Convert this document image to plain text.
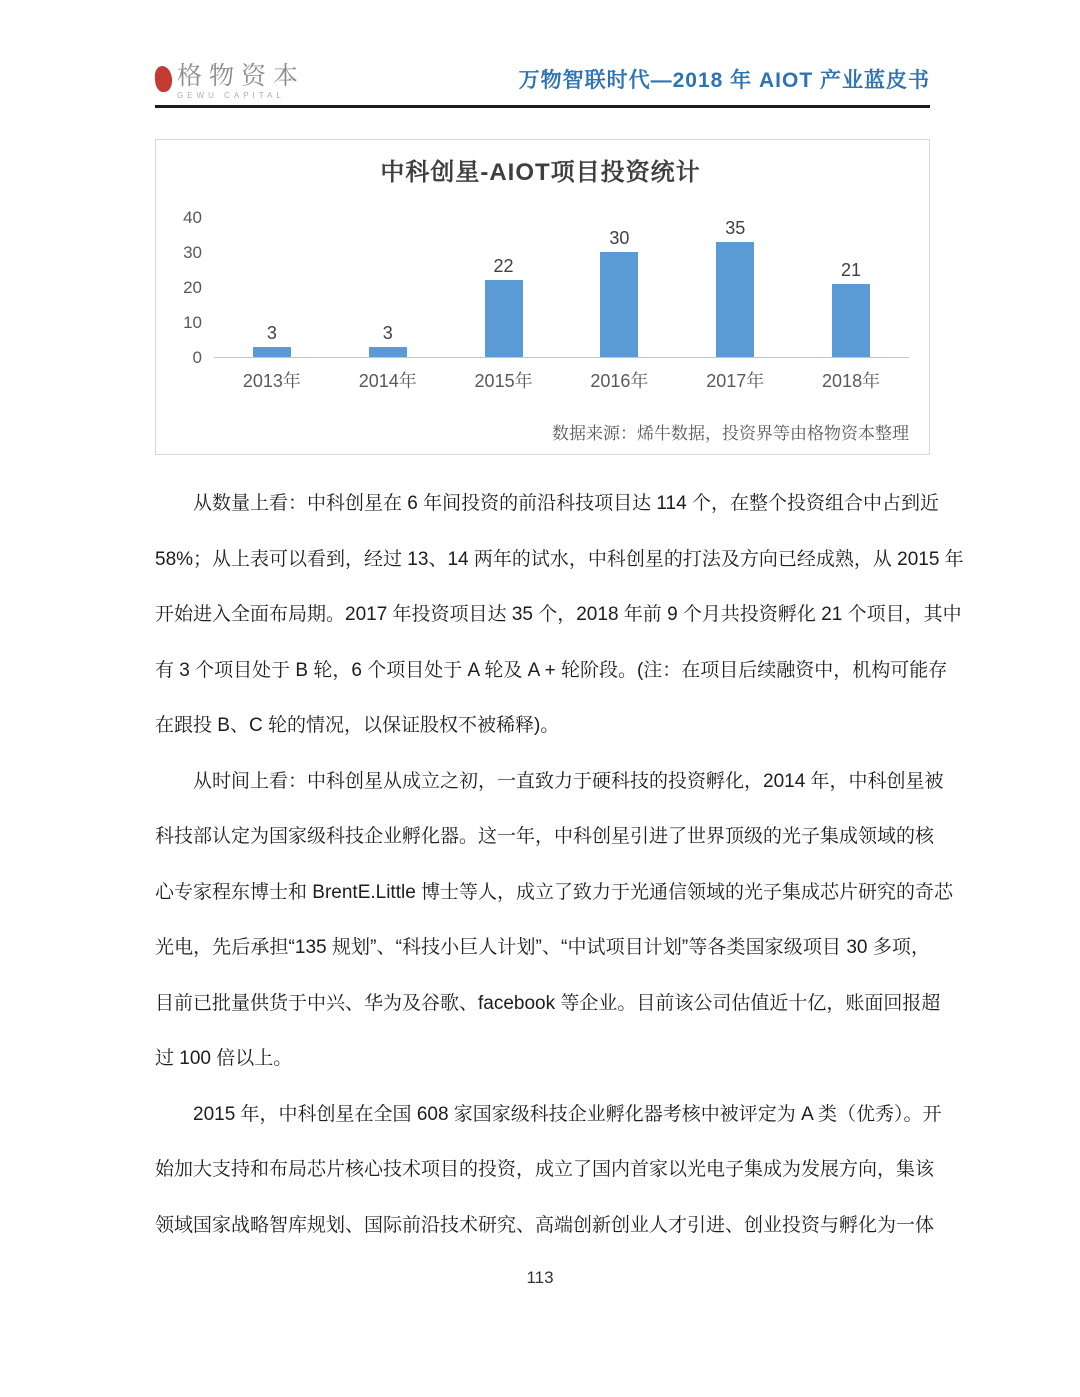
格物资本
GEWU CAPITAL
万物智联时代—2018 年 AIOT 产业蓝皮书
中科创星-AIOT项目投资统计
0
10
20
30
40
3	3
22
30	35
21
2013年	2014年	2015年	2016年	2017年	2018年
数据来源：烯牛数据，投资界等由格物资本整理
从数量上看：中科创星在 6 年间投资的前沿科技项目达 114 个，在整个投资组合中占到近
58%；从上表可以看到，经过 13、14 两年的试水，中科创星的打法及方向已经成熟，从 2015 年
开始进入全面布局期。2017 年投资项目达 35 个，2018 年前 9 个月共投资孵化 21 个项目，其中
有 3 个项目处于 B 轮，6 个项目处于 A 轮及 A + 轮阶段。(注：在项目后续融资中，机构可能存
在跟投 B、C 轮的情况，以保证股权不被稀释)。
从时间上看：中科创星从成立之初，一直致力于硬科技的投资孵化，2014 年，中科创星被
科技部认定为国家级科技企业孵化器。这一年，中科创星引进了世界顶级的光子集成领域的核
心专家程东博士和 BrentE.Little 博士等人，成立了致力于光通信领域的光子集成芯片研究的奇芯
光电，先后承担“135 规划”、“科技小巨人计划”、“中试项目计划”等各类国家级项目 30 多项，
目前已批量供货于中兴、华为及谷歌、facebook 等企业。目前该公司估值近十亿，账面回报超
过 100 倍以上。
2015 年，中科创星在全国 608 家国家级科技企业孵化器考核中被评定为 A 类（优秀）。开
始加大支持和布局芯片核心技术项目的投资，成立了国内首家以光电子集成为发展方向，集该
领域国家战略智库规划、国际前沿技术研究、高端创新创业人才引进、创业投资与孵化为一体
113
